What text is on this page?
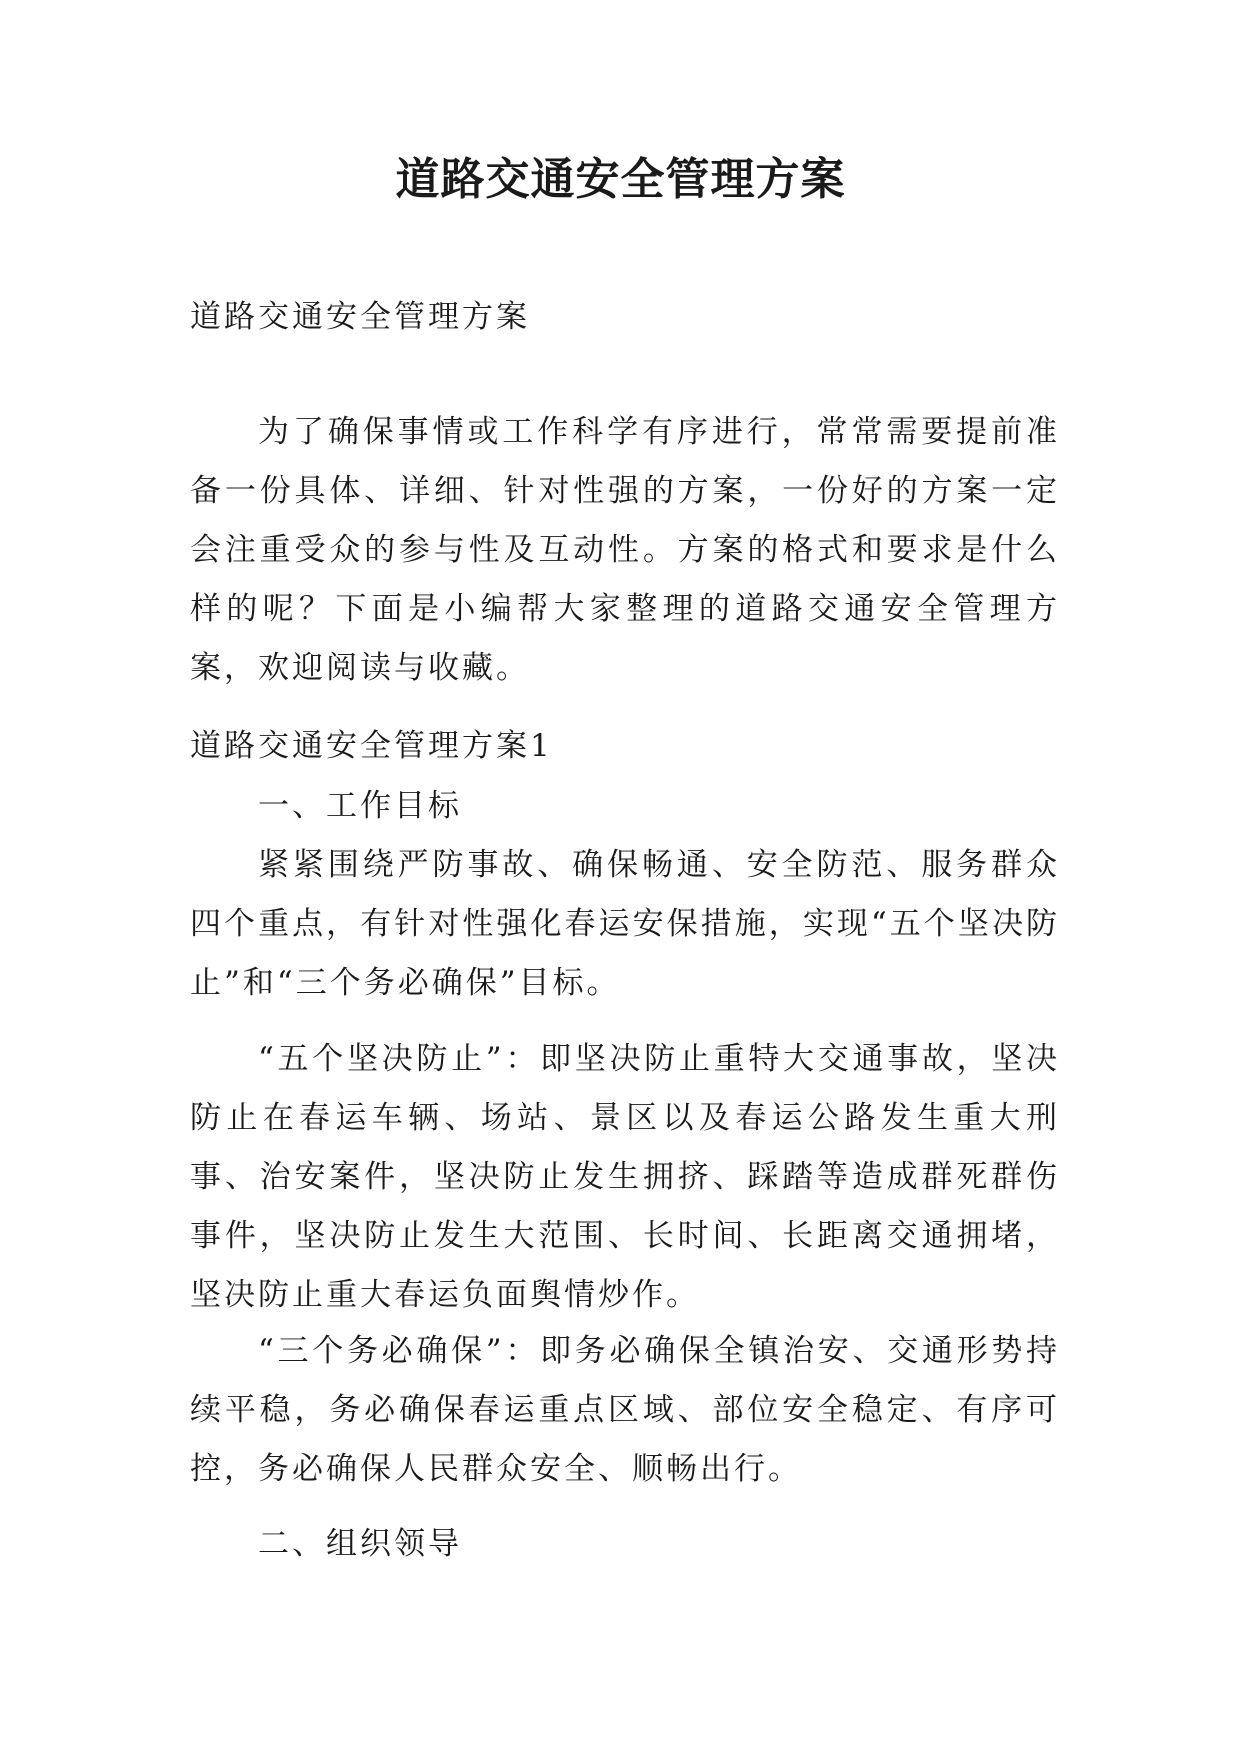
道路交通安全管理方案

道路交通安全管理方案

为了确保事情或工作科学有序进行，常常需要提前准备一份具体、详细、针对性强的方案，一份好的方案一定会注重受众的参与性及互动性。方案的格式和要求是什么样的呢？下面是小编帮大家整理的道路交通安全管理方案，欢迎阅读与收藏。

道路交通安全管理方案1

一、工作目标

紧紧围绕严防事故、确保畅通、安全防范、服务群众四个重点，有针对性强化春运安保措施，实现“五个坚决防止”和“三个务必确保”目标。

“五个坚决防止”：即坚决防止重特大交通事故，坚决防止在春运车辆、场站、景区以及春运公路发生重大刑事、治安案件，坚决防止发生拥挤、踩踏等造成群死群伤事件，坚决防止发生大范围、长时间、长距离交通拥堵，坚决防止重大春运负面舆情炒作。

“三个务必确保”：即务必确保全镇治安、交通形势持续平稳，务必确保春运重点区域、部位安全稳定、有序可控，务必确保人民群众安全、顺畅出行。

二、组织领导
